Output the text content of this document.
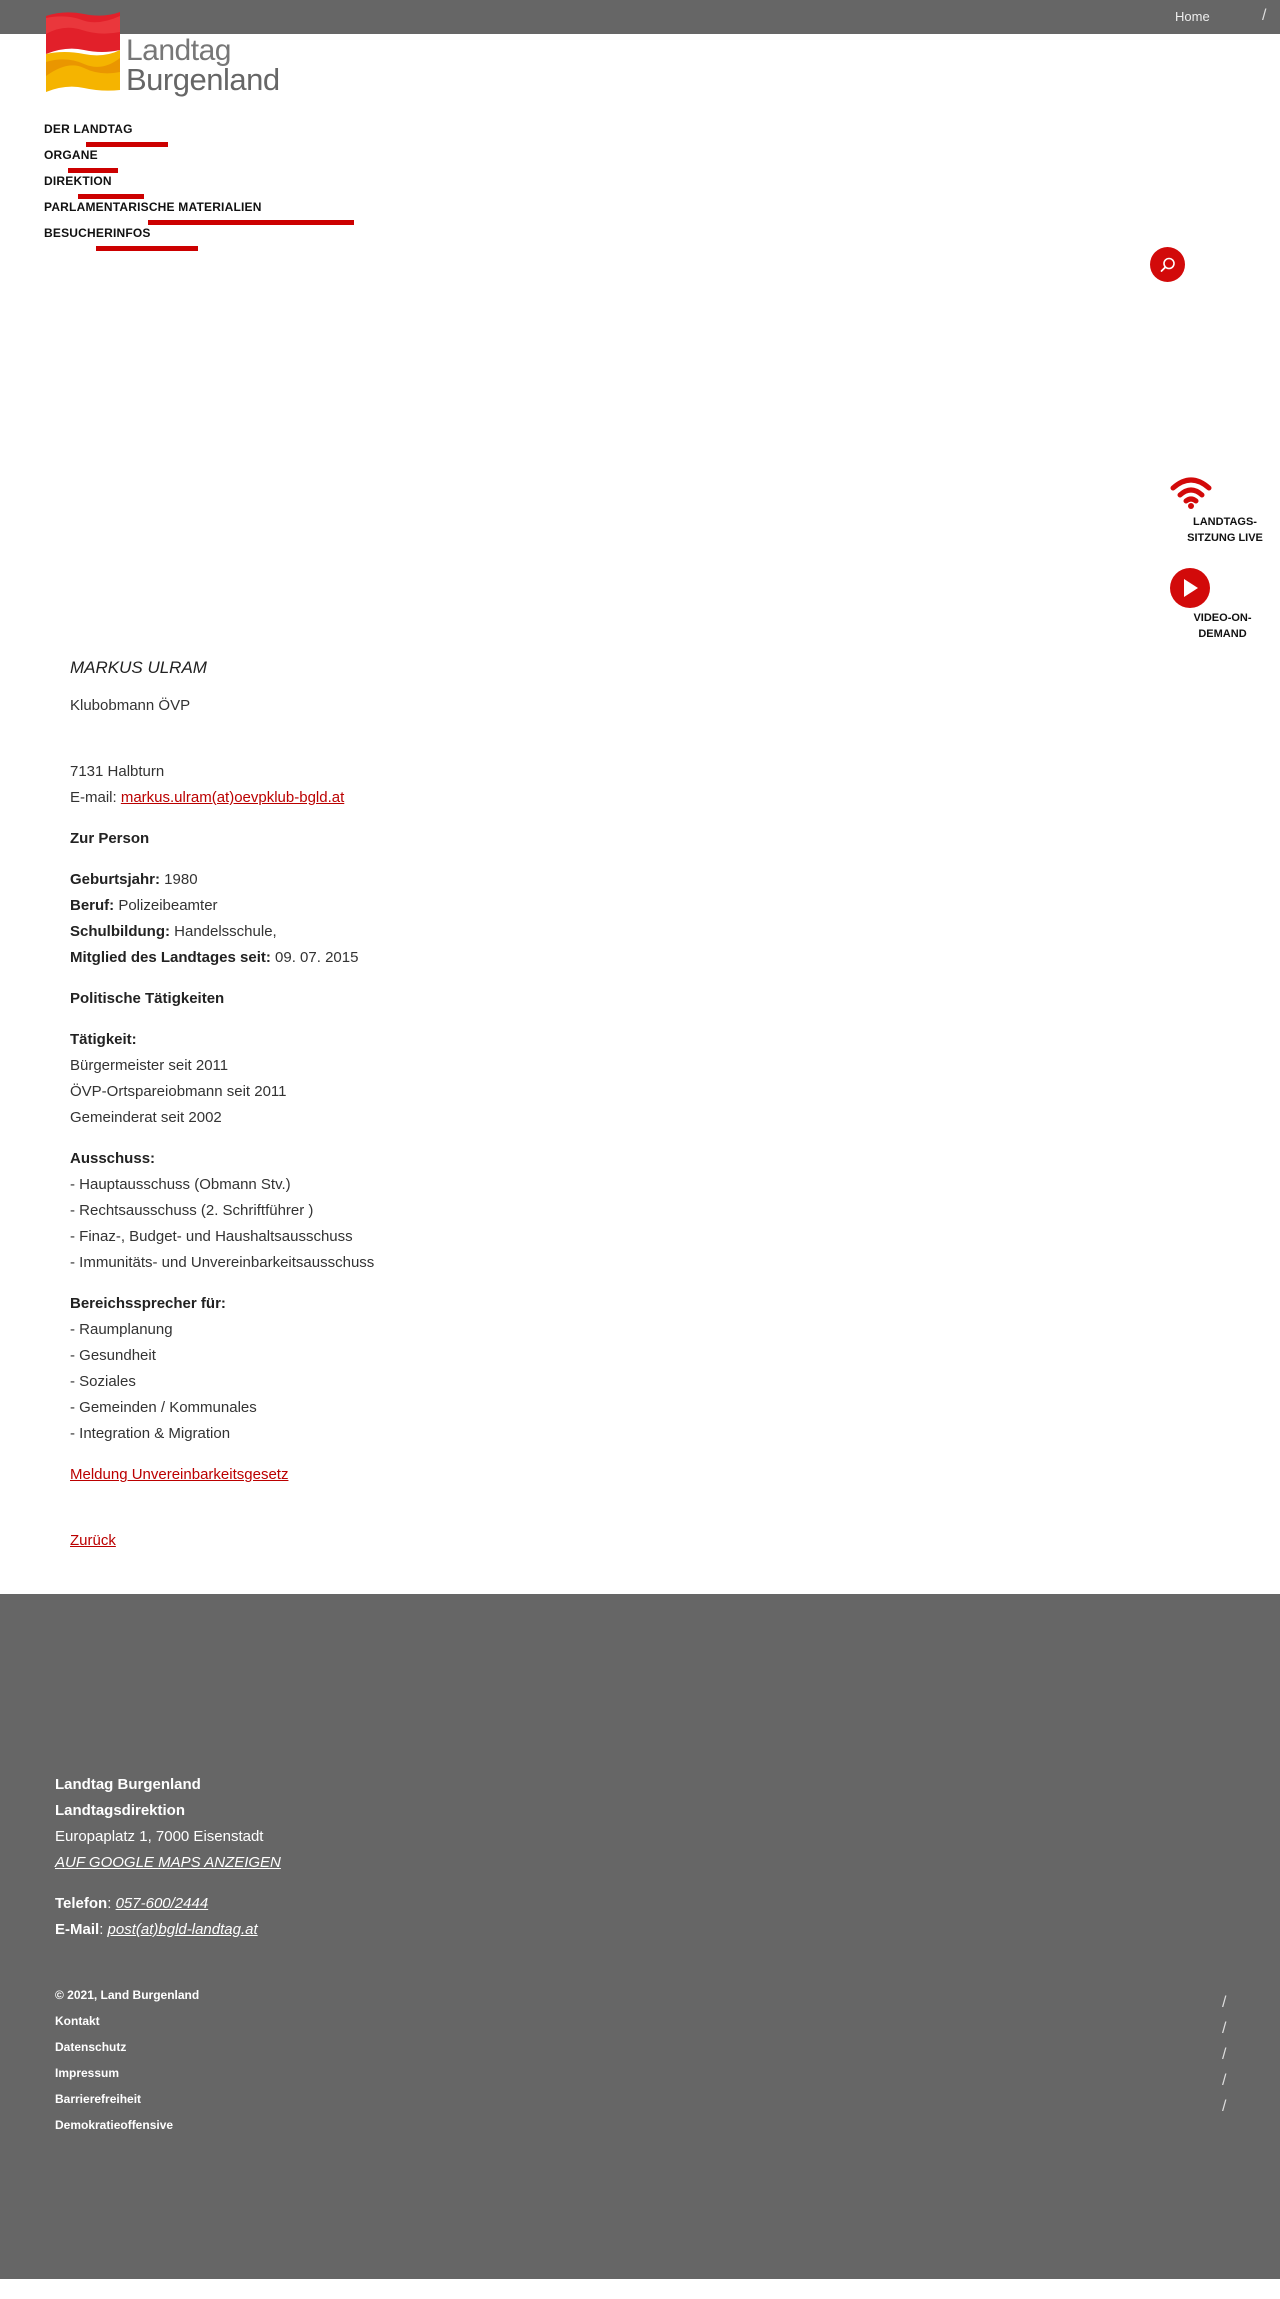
Home	/
Landtag
Burgenland
DER LANDTAG
ORGANE
DIREKTION
PARLAMENTARISCHE MATERIALIEN
BESUCHERINFOS
LANDTAGS-
SITZUNG LIVE
VIDEO-ON-
DEMAND
MARKUS ULRAM

Klubobmann ÖVP

7131 Halbturn

E-mail: markus.ulram(at)oevpklub-bgld.at

Zur Person

Geburtsjahr: 1980

Beruf: Polizeibeamter

Schulbildung: Handelsschule,

Mitglied des Landtages seit: 09. 07. 2015

Politische Tätigkeiten

Tätigkeit:

Bürgermeister seit 2011

ÖVP-Ortspareiobmann seit 2011

Gemeinderat seit 2002

Ausschuss:

- Hauptausschuss (Obmann Stv.)

- Rechtsausschuss (2. Schriftführer )

- Finaz-, Budget- und Haushaltsausschuss

- Immunitäts- und Unvereinbarkeitsausschuss

Bereichssprecher für:

- Raumplanung

- Gesundheit

- Soziales

- Gemeinden / Kommunales

- Integration & Migration

Meldung Unvereinbarkeitsgesetz

Zurück

Landtag Burgenland

Landtagsdirektion

Europaplatz 1, 7000 Eisenstadt

AUF GOOGLE MAPS ANZEIGEN

Telefon: 057-600/2444

E-Mail: post(at)bgld-landtag.at

© 2021, Land Burgenland
Kontakt
Datenschutz
Impressum
Barrierefreiheit
Demokratieoffensive
/
/
/
/
/
